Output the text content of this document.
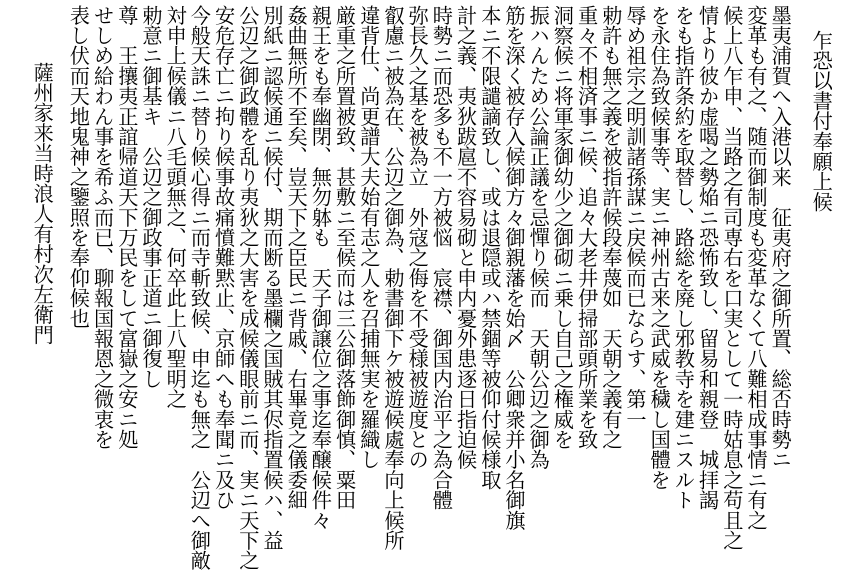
乍恐以書付奉願上候
墨夷浦賀へ入港以来　征夷府之御所置、総否時勢ニ
変革も有之、随而御制度も変革なくて八難相成事情ニ有之
候上八乍申、当路之有司専右を口実として一時姑息之苟且之
情より彼か虚喝之勢焔ニ恐怖致し、留易和親登　城拝謁
をも指許条約を取替し、路総を廃し邪教寺を建ニスルト
を永住為致候事等、実ニ神州古来之武威を穢し国體を
辱め祖宗之明訓諸孫謀ニ戻候而已ならす、第一
勅許も無之義を被指許候段奉蔑如　天朝之義有之
重々不相済事ニ候、追々大老井伊掃部頭所業を致
洞察候ニ将軍家御幼少之御砌ニ乗し自己之権威を
振ハんため公論正議を忌憚り候而　天朝公辺之御為
筋を深く被存入候御方々御親藩を始〆　公卿衆并小名御旗
本ニ不限譴謫致し、或は退隠或ハ禁錮等被仰付候様取
計之義、夷狄跋扈不容易砌と申内憂外患逐日指迫候
時勢ニ而恐多も不一方被悩　宸襟、御国内治平之為合體
弥長久之基を被為立　外寇之侮を不受様被遊度との
叡慮ニ被為在、公辺之御為、勅書御下ケ被遊候處奉向上候所
違背仕、尚更譜大夫始有志之人を召捕無実を羅織し
厳重之所置被致、甚敷ニ至候而は三公御落飾御慎、粟田
親王をも奉幽閉、無勿躰も　天子御譲位之事迄奉醸候件々
姦曲無所不至矣、豈天下之臣民ニ背戚、右畢竟之儀委細
別紙ニ認候通ニ候付、期而断る墨欄之国賊其侭指置候ハ、益
公辺之御政體を乱り夷狄之大害を成候儀眼前ニ而、実ニ天下之
安危存亡ニ拘り候事故痛憤難黙止、京師へも奉聞ニ及ひ
今般天誅ニ替り候心得ニ而寺斬致候、申迄も無之　公辺へ御敵
対申上候儀ニ八毛頭無之、何卒此上八聖明之
勅意ニ御基キ　公辺之御政事正道ニ御復し
尊　王攘夷正誼帰道天下万民をして富嶽之安ニ処
せしめ給わん事を希ふ而已、聊報国報恩之微衷を
表し伏而天地鬼神之鑒照を奉仰候也
薩州家来当時浪人有村次左衛門
